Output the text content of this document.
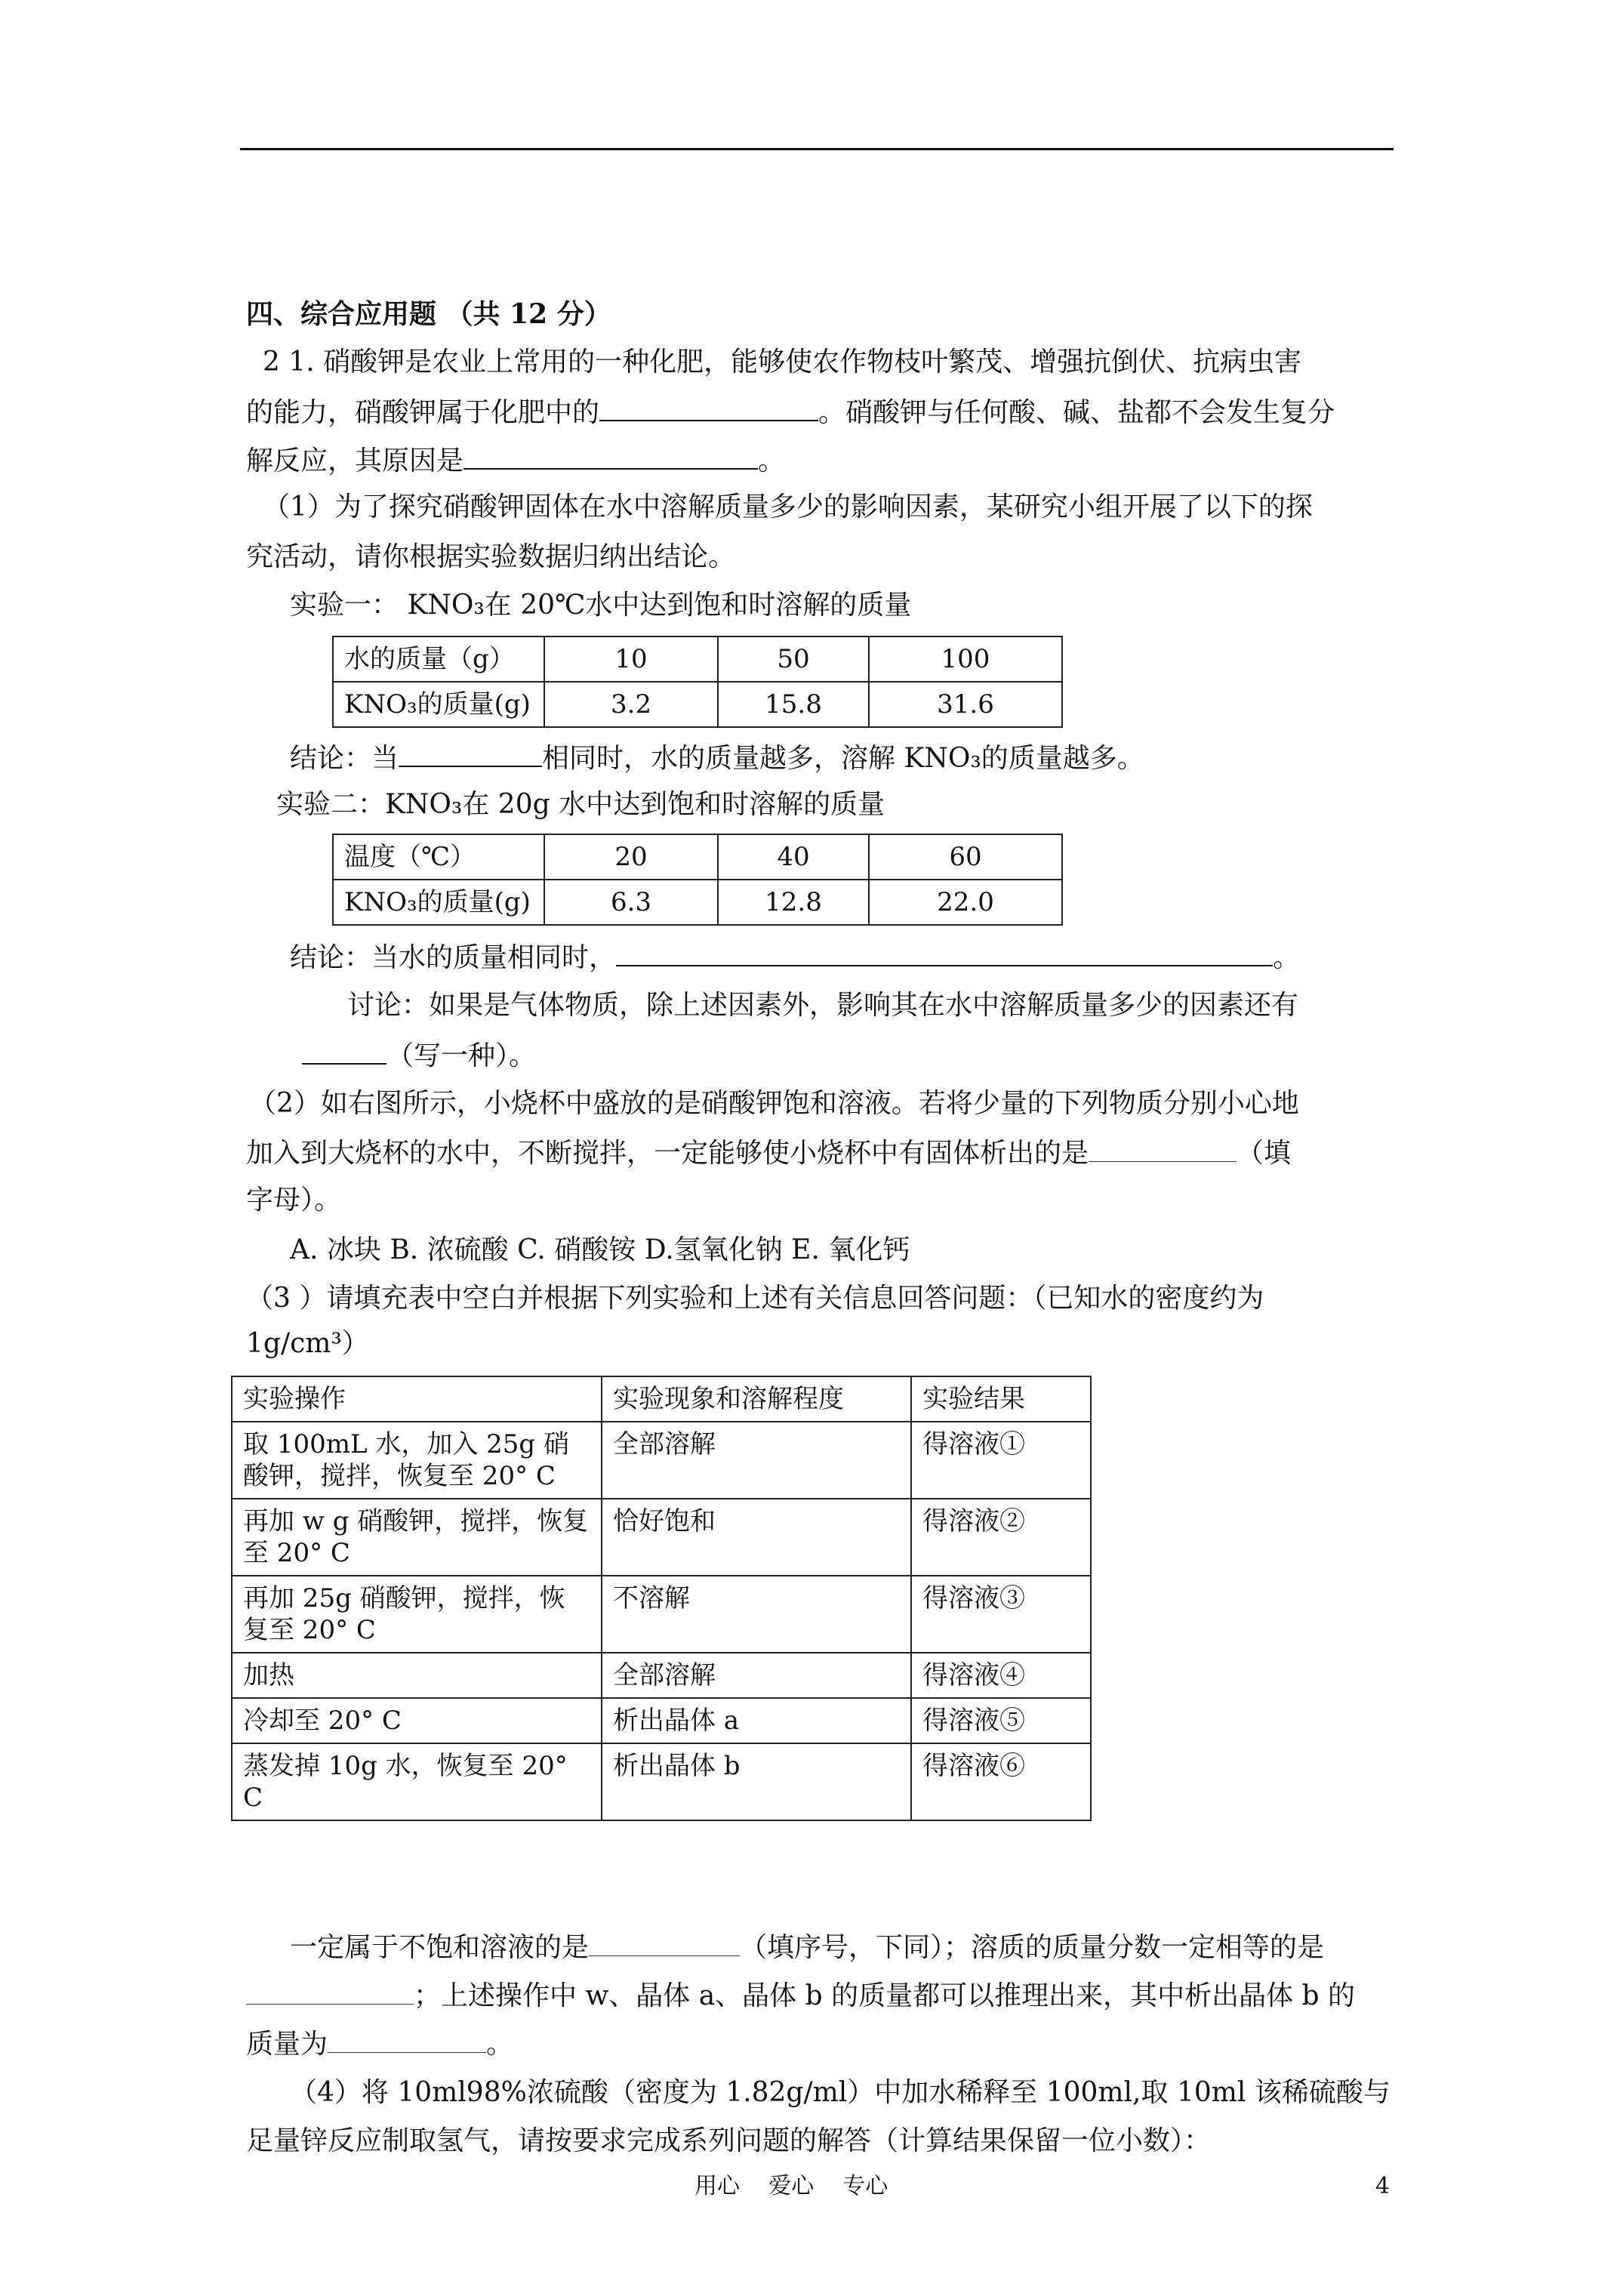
四、综合应用题 （共 12 分）
2 1. 硝酸钾是农业上常用的一种化肥，能够使农作物枝叶繁茂、增强抗倒伏、抗病虫害
的能力，硝酸钾属于化肥中的	。硝酸钾与任何酸、碱、盐都不会发生复分
解反应，其原因是	。
（1）为了探究硝酸钾固体在水中溶解质量多少的影响因素，某研究小组开展了以下的探
究活动，请你根据实验数据归纳出结论。
实验一： KNO₃在 20℃水中达到饱和时溶解的质量
水的质量（g）	10	50	100
KNO₃的质量(g)	3.2	15.8	31.6
结论：当	相同时，水的质量越多，溶解 KNO₃的质量越多。
实验二：KNO₃在 20g 水中达到饱和时溶解的质量
温度（℃）	20	40	60
KNO₃的质量(g)	6.3	12.8	22.0
结论：当水的质量相同时，	。
讨论：如果是气体物质，除上述因素外，影响其在水中溶解质量多少的因素还有
（写一种）。
（2）如右图所示，小烧杯中盛放的是硝酸钾饱和溶液。若将少量的下列物质分别小心地
加入到大烧杯的水中，不断搅拌，一定能够使小烧杯中有固体析出的是	（填
字母）。
A. 冰块 B. 浓硫酸 C. 硝酸铵 D.氢氧化钠 E. 氧化钙
（3 ）请填充表中空白并根据下列实验和上述有关信息回答问题：（已知水的密度约为
1g/cm³）
实验操作	实验现象和溶解程度	实验结果
取 100mL 水，加入 25g 硝酸钾，搅拌，恢复至 20° C	全部溶解	得溶液①
再加 w g 硝酸钾，搅拌，恢复至 20° C	恰好饱和	得溶液②
再加 25g 硝酸钾，搅拌，恢复至 20° C	不溶解	得溶液③
加热	全部溶解	得溶液④
冷却至 20° C	析出晶体 a	得溶液⑤
蒸发掉 10g 水，恢复至 20° C	析出晶体 b	得溶液⑥
一定属于不饱和溶液的是	（填序号，下同）；溶质的质量分数一定相等的是
；上述操作中 w、晶体 a、晶体 b 的质量都可以推理出来，其中析出晶体 b 的
质量为	。
（4）将 10ml98%浓硫酸（密度为 1.82g/ml）中加水稀释至 100ml,取 10ml 该稀硫酸与
足量锌反应制取氢气，请按要求完成系列问题的解答（计算结果保留一位小数）：
用心    爱心    专心	4
